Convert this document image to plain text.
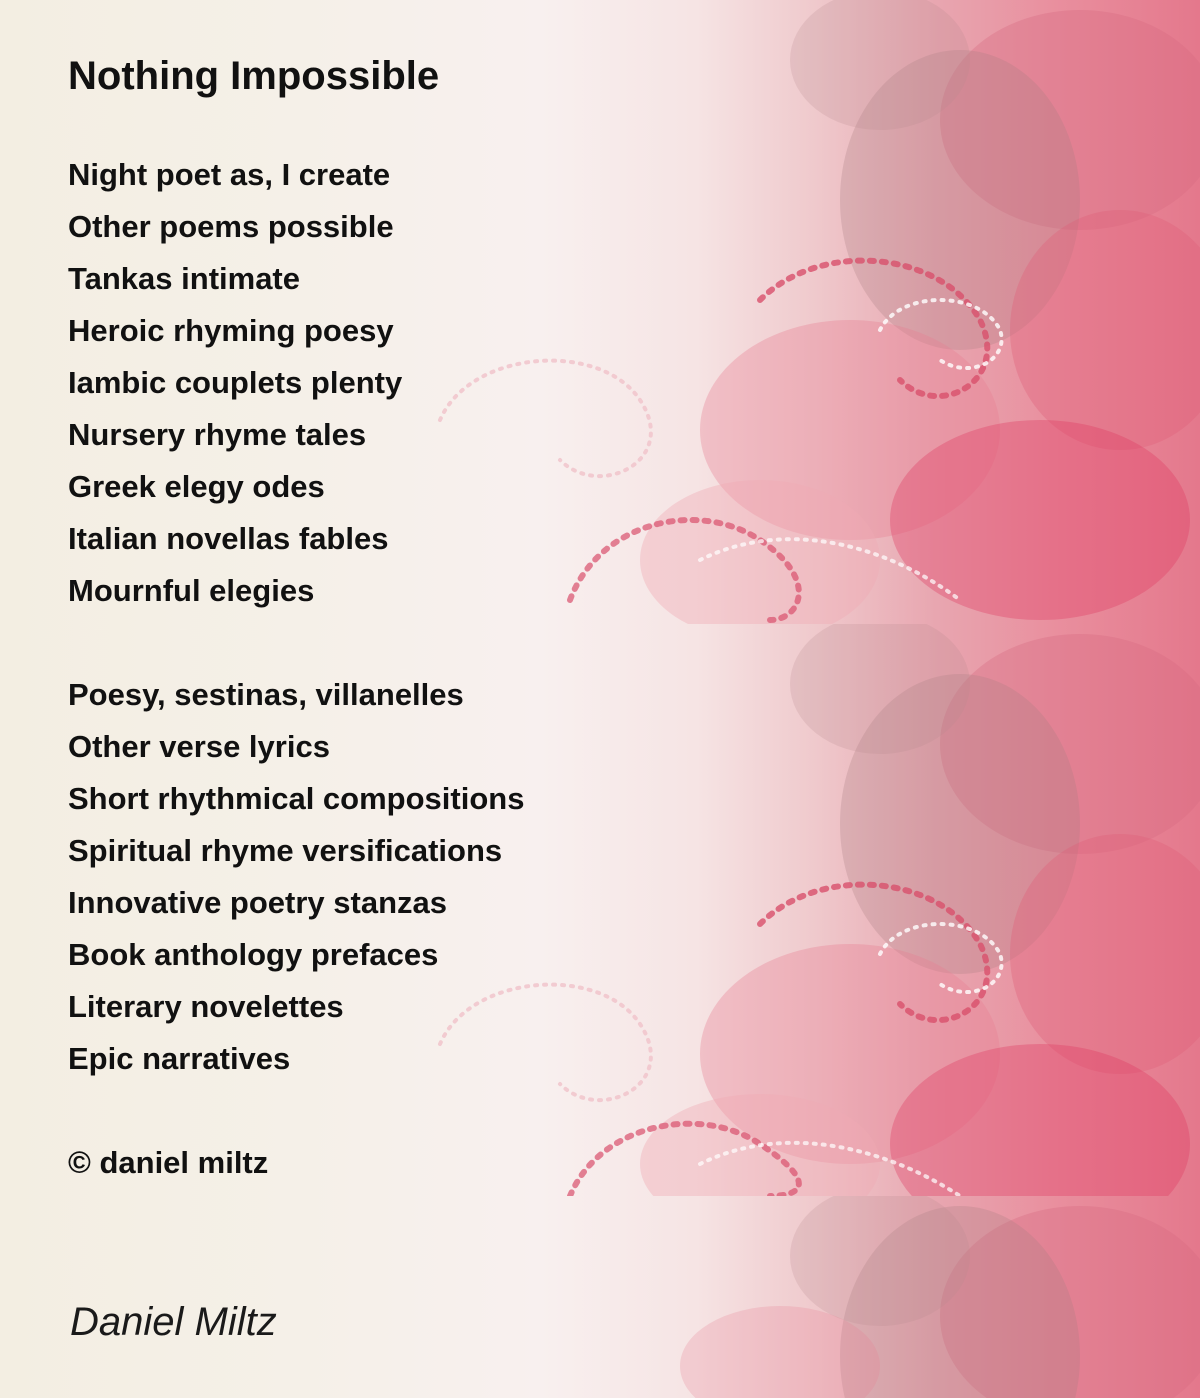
Nothing Impossible
Night poet as, I create
Other poems possible
Tankas intimate
Heroic rhyming poesy
Iambic couplets plenty
Nursery rhyme tales
Greek elegy odes
Italian novellas fables
Mournful elegies
Poesy, sestinas, villanelles
Other verse lyrics
Short rhythmical compositions
Spiritual rhyme versifications
Innovative poetry stanzas
Book anthology prefaces
Literary novelettes
Epic narratives
© daniel miltz
Daniel Miltz
